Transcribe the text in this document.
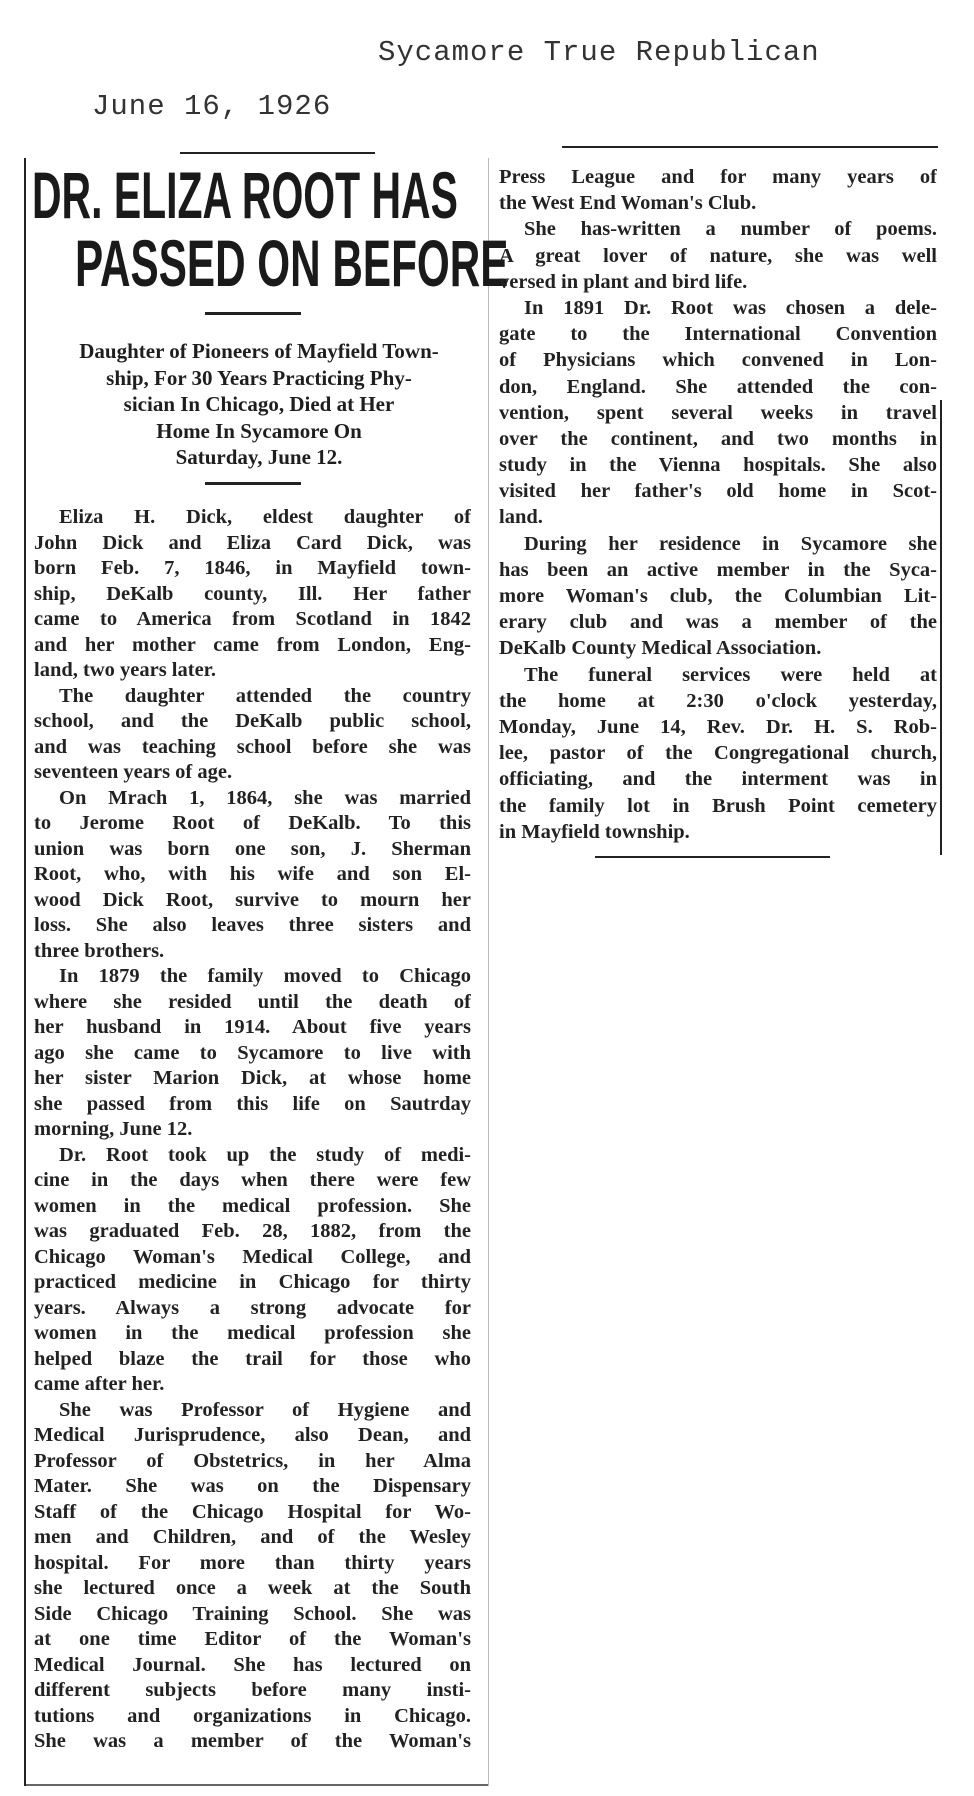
Sycamore True Republican
June 16, 1926
DR. ELIZA ROOT HAS
PASSED ON BEFORE
Daughter of Pioneers of Mayfield Town-
ship, For 30 Years Practicing Phy-
sician In Chicago, Died at Her
Home In Sycamore On
Saturday, June 12.
Eliza H. Dick, eldest daughter of
John Dick and Eliza Card Dick, was
born Feb. 7, 1846, in Mayfield town-
ship, DeKalb county, Ill. Her father
came to America from Scotland in 1842
and her mother came from London, Eng-
land, two years later.
The daughter attended the country
school, and the DeKalb public school,
and was teaching school before she was
seventeen years of age.
On Mrach 1, 1864, she was married
to Jerome Root of DeKalb. To this
union was born one son, J. Sherman
Root, who, with his wife and son El-
wood Dick Root, survive to mourn her
loss. She also leaves three sisters and
three brothers.
In 1879 the family moved to Chicago
where she resided until the death of
her husband in 1914. About five years
ago she came to Sycamore to live with
her sister Marion Dick, at whose home
she passed from this life on Sautrday
morning, June 12.
Dr. Root took up the study of medi-
cine in the days when there were few
women in the medical profession. She
was graduated Feb. 28, 1882, from the
Chicago Woman's Medical College, and
practiced medicine in Chicago for thirty
years. Always a strong advocate for
women in the medical profession she
helped blaze the trail for those who
came after her.
She was Professor of Hygiene and
Medical Jurisprudence, also Dean, and
Professor of Obstetrics, in her Alma
Mater. She was on the Dispensary
Staff of the Chicago Hospital for Wo-
men and Children, and of the Wesley
hospital. For more than thirty years
she lectured once a week at the South
Side Chicago Training School. She was
at one time Editor of the Woman's
Medical Journal. She has lectured on
different subjects before many insti-
tutions and organizations in Chicago.
She was a member of the Woman's
Press League and for many years of
the West End Woman's Club.
She has-written a number of poems.
A great lover of nature, she was well
versed in plant and bird life.
In 1891 Dr. Root was chosen a dele-
gate to the International Convention
of Physicians which convened in Lon-
don, England. She attended the con-
vention, spent several weeks in travel
over the continent, and two months in
study in the Vienna hospitals. She also
visited her father's old home in Scot-
land.
During her residence in Sycamore she
has been an active member in the Syca-
more Woman's club, the Columbian Lit-
erary club and was a member of the
DeKalb County Medical Association.
The funeral services were held at
the home at 2:30 o'clock yesterday,
Monday, June 14, Rev. Dr. H. S. Rob-
lee, pastor of the Congregational church,
officiating, and the interment was in
the family lot in Brush Point cemetery
in Mayfield township.
